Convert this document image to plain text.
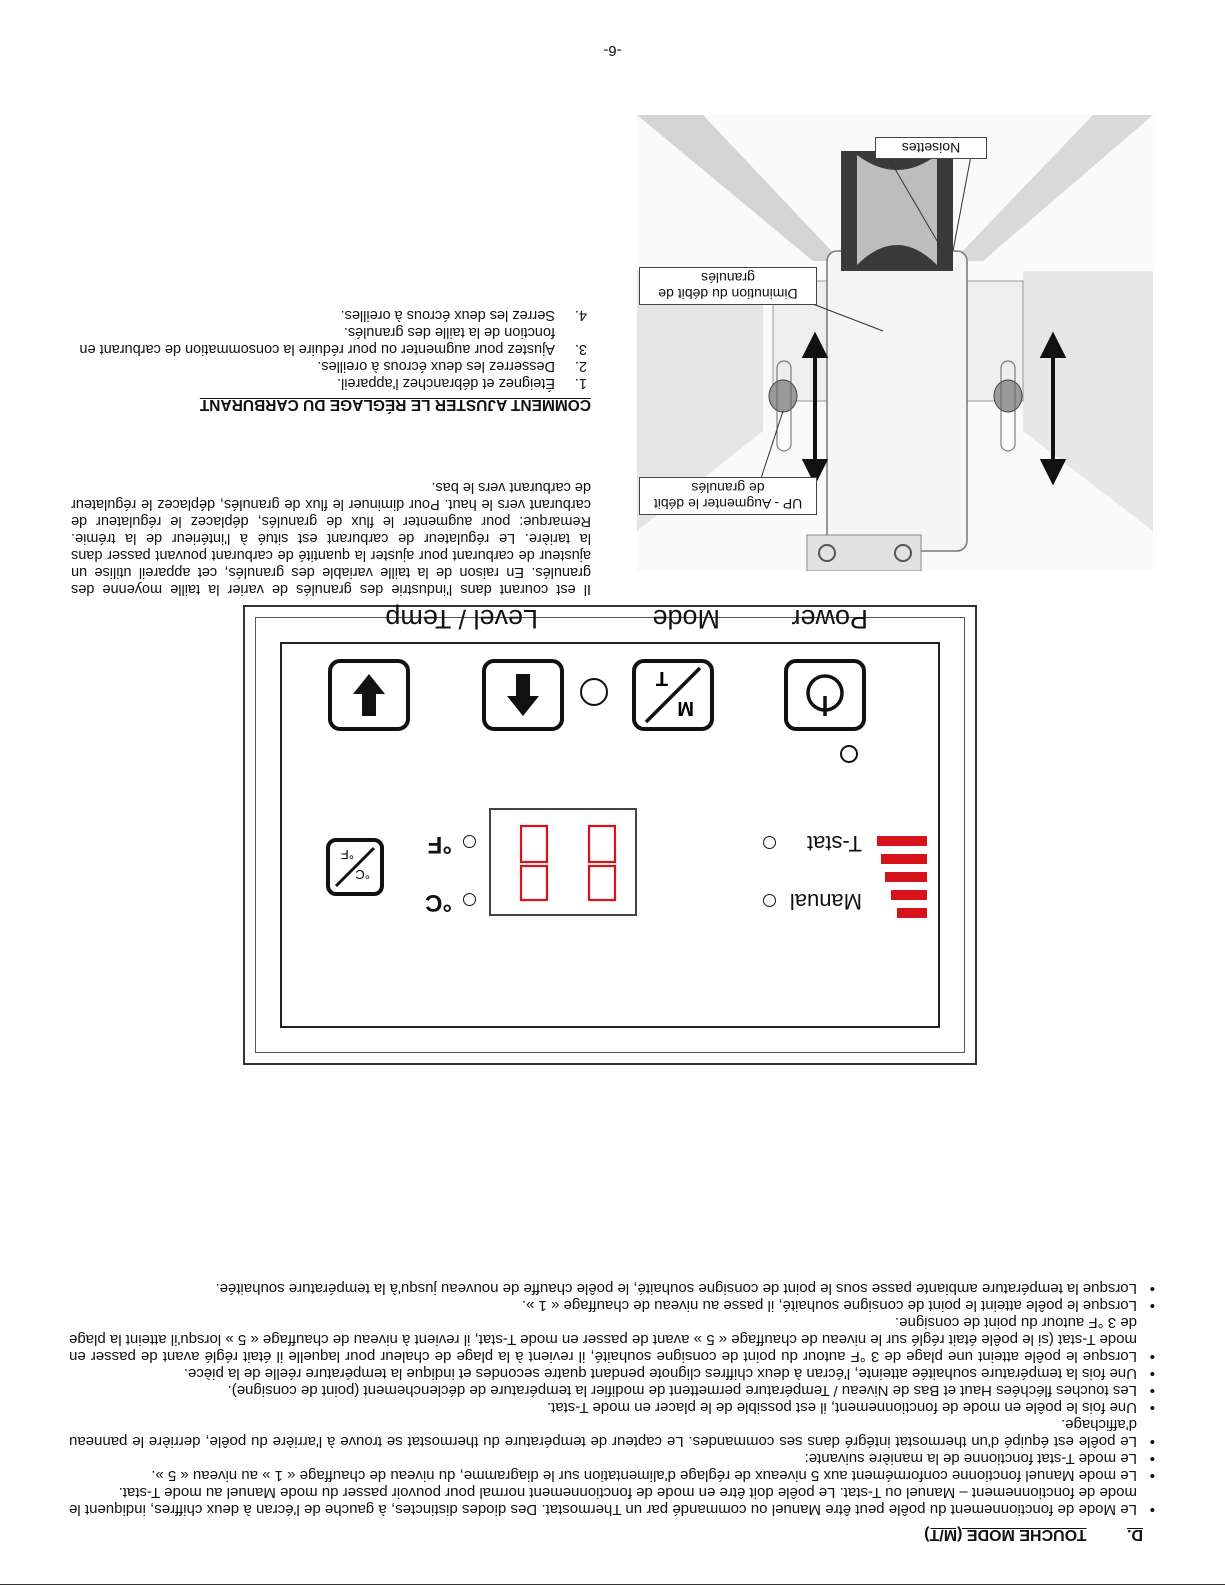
D. TOUCHE MODE (M/T)
• Le Mode de fonctionnement du poêle peut être Manuel ou commandé par un Thermostat. Des diodes distinctes, à gauche de l'écran à deux chiffres, indiquent le mode de fonctionnement – Manuel ou T-stat. Le poêle doit être en mode de fonctionnement normal pour pouvoir passer du mode Manuel au mode T-stat.
• Le mode Manuel fonctionne conformément aux 5 niveaux de réglage d'alimentation sur le diagramme, du niveau de chauffage « 1 » au niveau « 5 ».
• Le mode T-stat fonctionne de la manière suivante:
• Le poêle est équipé d'un thermostat intégré dans ses commandes. Le capteur de température du thermostat se trouve à l'arrière du poêle, derrière le panneau d'affichage.
• Une fois le poêle en mode de fonctionnement, il est possible de le placer en mode T-stat.
• Les touches fléchées Haut et Bas de Niveau / Température permettent de modifier la température de déclenchement (point de consigne).
• Une fois la température souhaitée atteinte, l'écran à deux chiffres clignote pendant quatre secondes et indique la température réelle de la pièce.
• Lorsque le poêle atteint une plage de 3 °F autour du point de consigne souhaité, il revient à la plage de chaleur pour laquelle il était réglé avant de passer en mode T-stat (si le poêle était réglé sur le niveau de chauffage « 5 » avant de passer en mode T-stat, il revient à niveau de chauffage « 5 » lorsqu'il atteint la plage de 3 °F autour du point de consigne.
• Lorsque le poêle atteint le point de consigne souhaité, il passe au niveau de chauffage « 1 ».
• Lorsque la température ambiante passe sous le point de consigne souhaité, le poêle chauffe de nouveau jusqu'à la température souhaitée.
Manual
T-stat
°C
°F
°C
°F
M
T
Power
Mode
Level / Temp
Il est courant dans l'industrie des granulés de varier la taille moyenne des granulés. En raison de la taille variable des granulés, cet appareil utilise un ajusteur de carburant pour ajuster la quantité de carburant pouvant passer dans la tarière. Le régulateur de carburant est situé à l'intérieur de la trémie. Remarque: pour augmenter le flux de granulés, déplacez le régulateur de carburant vers le haut. Pour diminuer le flux de granulés, déplacez le régulateur de carburant vers le bas.
COMMENT AJUSTER LE RÉGLAGE DU CARBURANT
1.
Éteignez et débranchez l'appareil.
2.
Desserrez les deux écrous à oreilles.
3.
Ajustez pour augmenter ou pour réduire la consommation de carburant en fonction de la taille des granulés.
4.
Serrez les deux écrous à oreilles.
UP - Augmenter le débit de granulés
Diminution du débit de granulés
Noisettes
-6-
